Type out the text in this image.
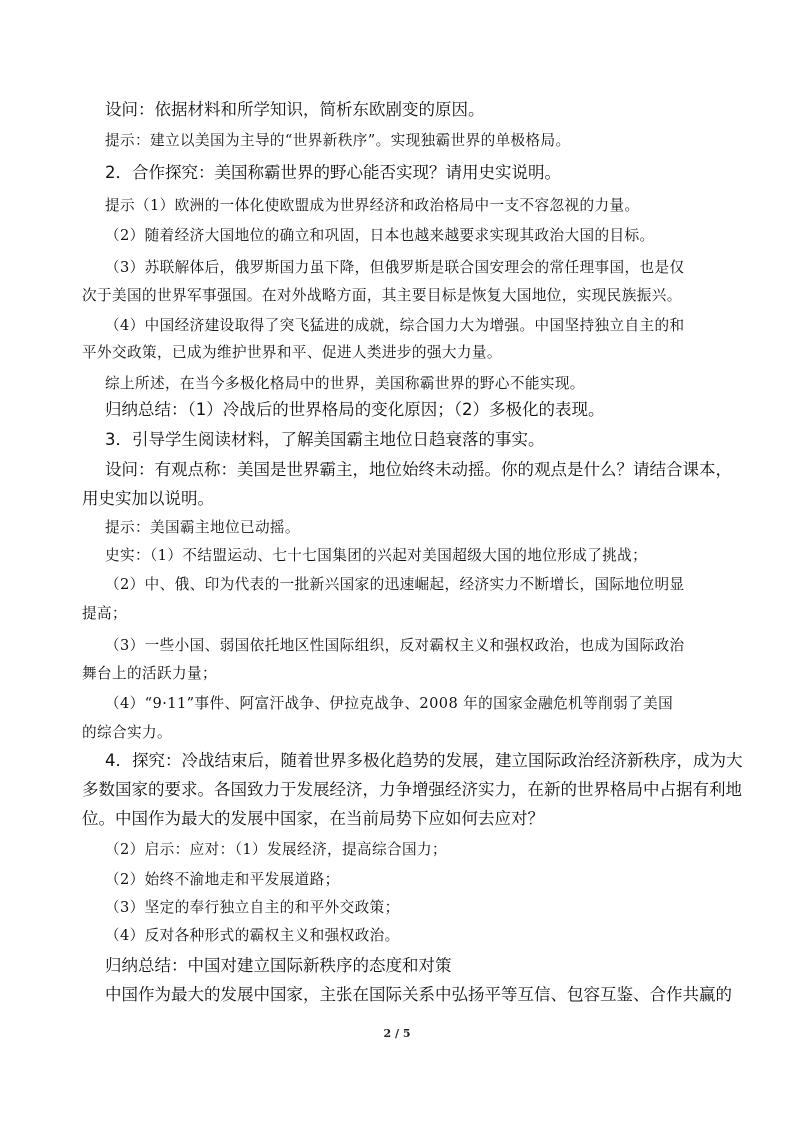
设问：依据材料和所学知识，简析东欧剧变的原因。
提示：建立以美国为主导的“世界新秩序”。实现独霸世界的单极格局。
2．合作探究：美国称霸世界的野心能否实现？请用史实说明。
提示（1）欧洲的一体化使欧盟成为世界经济和政治格局中一支不容忽视的力量。
（2）随着经济大国地位的确立和巩固，日本也越来越要求实现其政治大国的目标。
（3）苏联解体后，俄罗斯国力虽下降，但俄罗斯是联合国安理会的常任理事国，也是仅
次于美国的世界军事强国。在对外战略方面，其主要目标是恢复大国地位，实现民族振兴。
（4）中国经济建设取得了突飞猛进的成就，综合国力大为增强。中国坚持独立自主的和
平外交政策，已成为维护世界和平、促进人类进步的强大力量。
综上所述，在当今多极化格局中的世界，美国称霸世界的野心不能实现。
归纳总结：（1）冷战后的世界格局的变化原因；（2）多极化的表现。
3．引导学生阅读材料，了解美国霸主地位日趋衰落的事实。
设问：有观点称：美国是世界霸主，地位始终未动摇。你的观点是什么？请结合课本，
用史实加以说明。
提示：美国霸主地位已动摇。
史实：（1）不结盟运动、七十七国集团的兴起对美国超级大国的地位形成了挑战；
（2）中、俄、印为代表的一批新兴国家的迅速崛起，经济实力不断增长，国际地位明显
提高；
（3）一些小国、弱国依托地区性国际组织，反对霸权主义和强权政治，也成为国际政治
舞台上的活跃力量；
（4）“9·11”事件、阿富汗战争、伊拉克战争、2008 年的国家金融危机等削弱了美国
的综合实力。
4．探究：冷战结束后，随着世界多极化趋势的发展，建立国际政治经济新秩序，成为大
多数国家的要求。各国致力于发展经济，力争增强经济实力，在新的世界格局中占据有利地
位。中国作为最大的发展中国家，在当前局势下应如何去应对？
（2）启示：应对：（1）发展经济，提高综合国力；
（2）始终不渝地走和平发展道路；
（3）坚定的奉行独立自主的和平外交政策；
（4）反对各种形式的霸权主义和强权政治。
归纳总结：中国对建立国际新秩序的态度和对策
中国作为最大的发展中国家，主张在国际关系中弘扬平等互信、包容互鉴、合作共赢的
2 / 5
